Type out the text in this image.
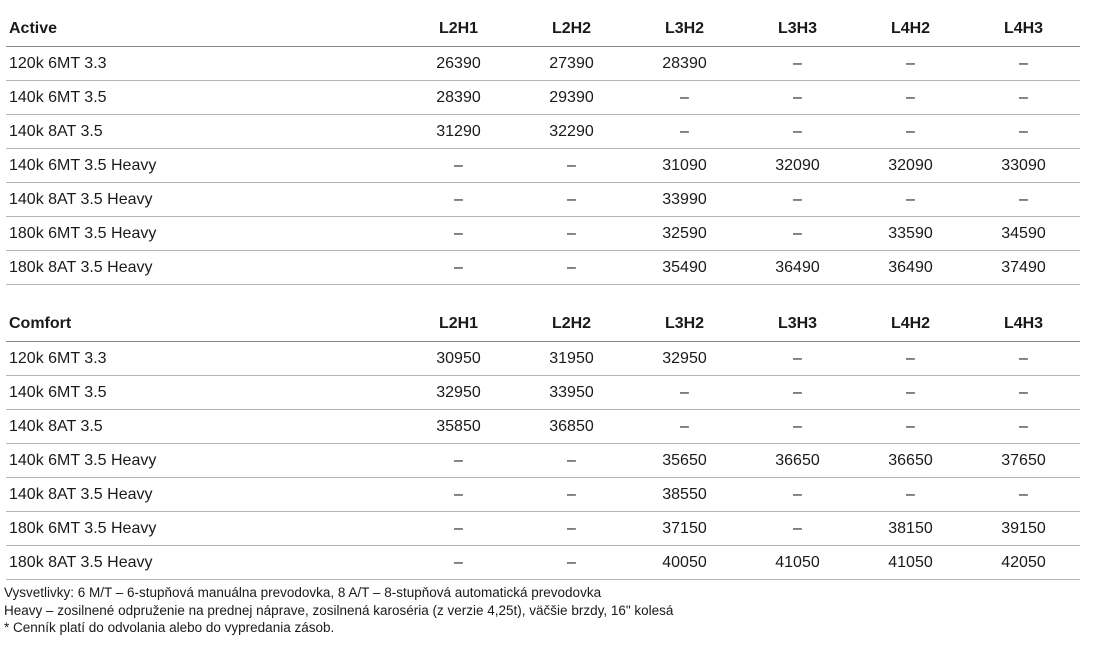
Active	L2H1	L2H2	L3H2	L3H3	L4H2	L4H3
120k 6MT 3.3	26390	27390	28390	–	–	–
140k 6MT 3.5	28390	29390	–	–	–	–
140k 8AT 3.5	31290	32290	–	–	–	–
140k 6MT 3.5 Heavy	–	–	31090	32090	32090	33090
140k 8AT 3.5 Heavy	–	–	33990	–	–	–
180k 6MT 3.5 Heavy	–	–	32590	–	33590	34590
180k 8AT 3.5 Heavy	–	–	35490	36490	36490	37490
Comfort	L2H1	L2H2	L3H2	L3H3	L4H2	L4H3
120k 6MT 3.3	30950	31950	32950	–	–	–
140k 6MT 3.5	32950	33950	–	–	–	–
140k 8AT 3.5	35850	36850	–	–	–	–
140k 6MT 3.5 Heavy	–	–	35650	36650	36650	37650
140k 8AT 3.5 Heavy	–	–	38550	–	–	–
180k 6MT 3.5 Heavy	–	–	37150	–	38150	39150
180k 8AT 3.5 Heavy	–	–	40050	41050	41050	42050
Vysvetlivky: 6 M/T – 6-stupňová manuálna prevodovka, 8 A/T – 8-stupňová automatická prevodovka
Heavy – zosilnené odpruženie na prednej náprave, zosilnená karoséria (z verzie 4,25t), väčšie brzdy, 16" kolesá
* Cenník platí do odvolania alebo do vypredania zásob.
